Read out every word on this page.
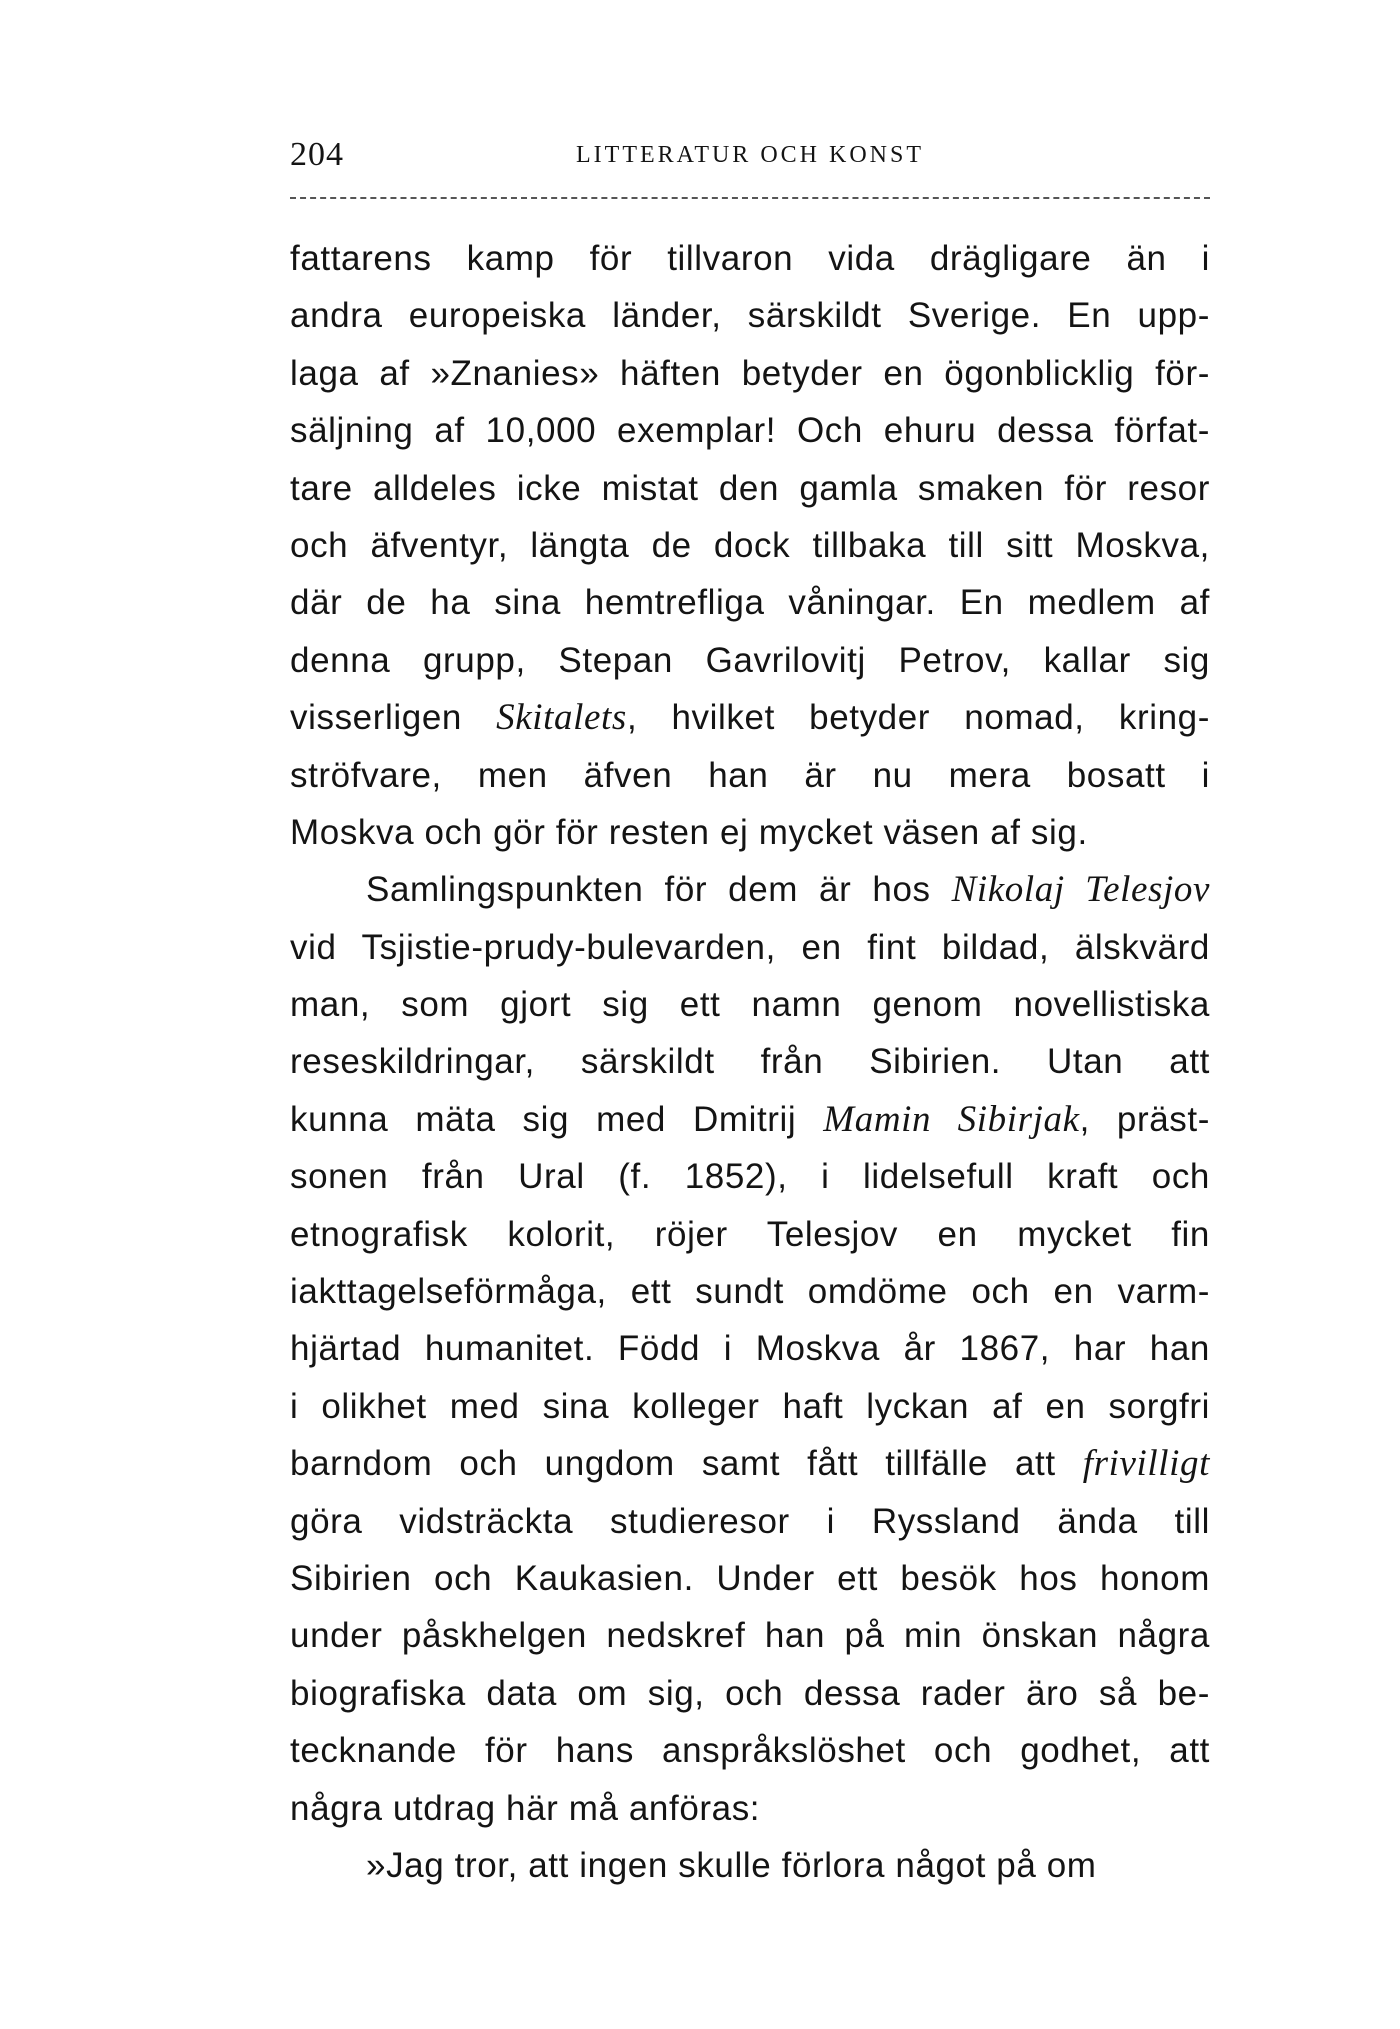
204	LITTERATUR OCH KONST
fattarens kamp för tillvaron vida drägligare än i
andra europeiska länder, särskildt Sverige. En upp-
laga af »Znanies» häften betyder en ögonblicklig för-
säljning af 10,000 exemplar! Och ehuru dessa förfat-
tare alldeles icke mistat den gamla smaken för resor
och äfventyr, längta de dock tillbaka till sitt Moskva,
där de ha sina hemtrefliga våningar. En medlem af
denna grupp, Stepan Gavrilovitj Petrov, kallar sig
visserligen Skitalets, hvilket betyder nomad, kring-
ströfvare, men äfven han är nu mera bosatt i
Moskva och gör för resten ej mycket väsen af sig.
Samlingspunkten för dem är hos Nikolaj Telesjov
vid Tsjistie-prudy-bulevarden, en fint bildad, älskvärd
man, som gjort sig ett namn genom novellistiska
reseskildringar, särskildt från Sibirien. Utan att
kunna mäta sig med Dmitrij Mamin Sibirjak, präst-
sonen från Ural (f. 1852), i lidelsefull kraft och
etnografisk kolorit, röjer Telesjov en mycket fin
iakttagelseförmåga, ett sundt omdöme och en varm-
hjärtad humanitet. Född i Moskva år 1867, har han
i olikhet med sina kolleger haft lyckan af en sorgfri
barndom och ungdom samt fått tillfälle att frivilligt
göra vidsträckta studieresor i Ryssland ända till
Sibirien och Kaukasien. Under ett besök hos honom
under påskhelgen nedskref han på min önskan några
biografiska data om sig, och dessa rader äro så be-
tecknande för hans anspråkslöshet och godhet, att
några utdrag här må anföras:
»Jag tror, att ingen skulle förlora något på om
